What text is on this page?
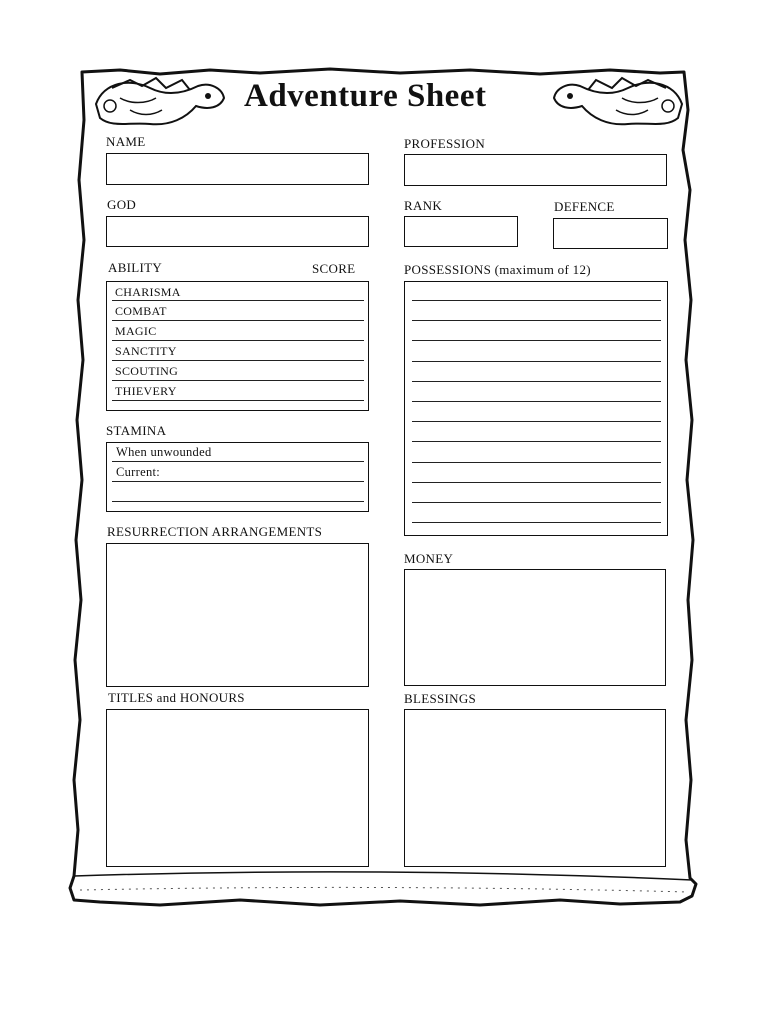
Adventure Sheet
NAME	PROFESSION
GOD	RANK	DEFENCE
ABILITY	SCORE
CHARISMA
COMBAT
MAGIC
SANCTITY
SCOUTING
THIEVERY
STAMINA
When unwounded
Current:
POSSESSIONS (maximum of 12)
RESURRECTION ARRANGEMENTS
MONEY
TITLES and HONOURS	BLESSINGS
